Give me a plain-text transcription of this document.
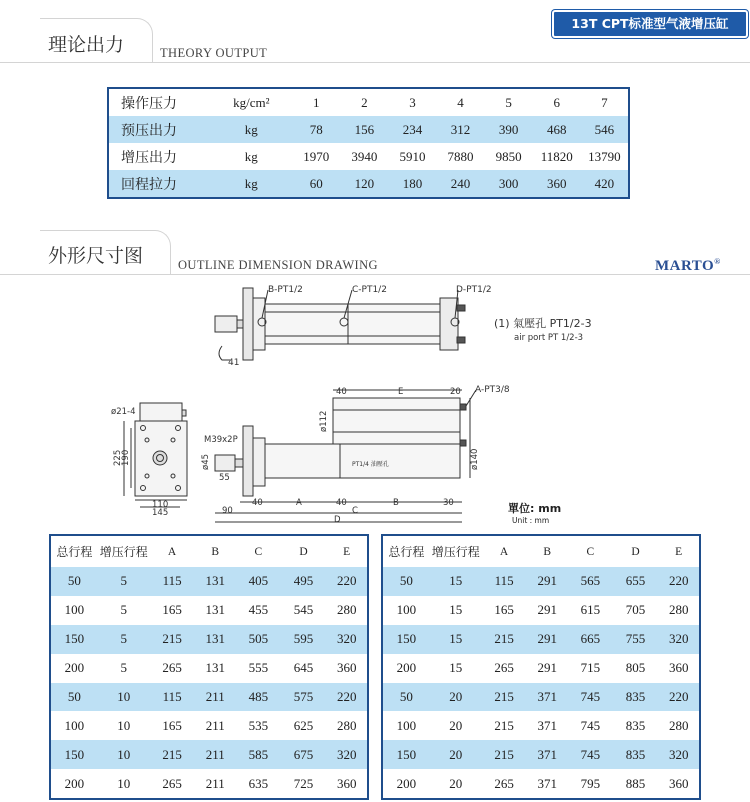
理论出力	THEORY OUTPUT
13T CPT标准型气液增压缸
操作压力	kg/cm²	1	2	3	4	5	6	7
预压出力	kg	78	156	234	312	390	468	546
增压出力	kg	1970	3940	5910	7880	9850	11820	13790
回程拉力	kg	60	120	180	240	300	360	420
外形尺寸图	OUTLINE DIMENSION DRAWING	MARTO®
41
B-PT1/2	C-PT1/2	D-PT1/2
(1) 氣壓孔 PT1/2-3
air port PT 1/2-3
ø21-4
225
190
110
145
M39x2P
ø45
55
40	E	20 A-PT3/8
ø112
ø140
PT1/4 油壓孔
40	A	40	B	30
90	C
D
單位: mm
Unit : mm
总行程	增压行程	A	B	C	D	E
50	5	115	131	405	495	220
100	5	165	131	455	545	280
150	5	215	131	505	595	320
200	5	265	131	555	645	360
50	10	115	211	485	575	220
100	10	165	211	535	625	280
150	10	215	211	585	675	320
200	10	265	211	635	725	360
总行程	增压行程	A	B	C	D	E
50	15	115	291	565	655	220
100	15	165	291	615	705	280
150	15	215	291	665	755	320
200	15	265	291	715	805	360
50	20	215	371	745	835	220
100	20	215	371	745	835	280
150	20	215	371	745	835	320
200	20	265	371	795	885	360
